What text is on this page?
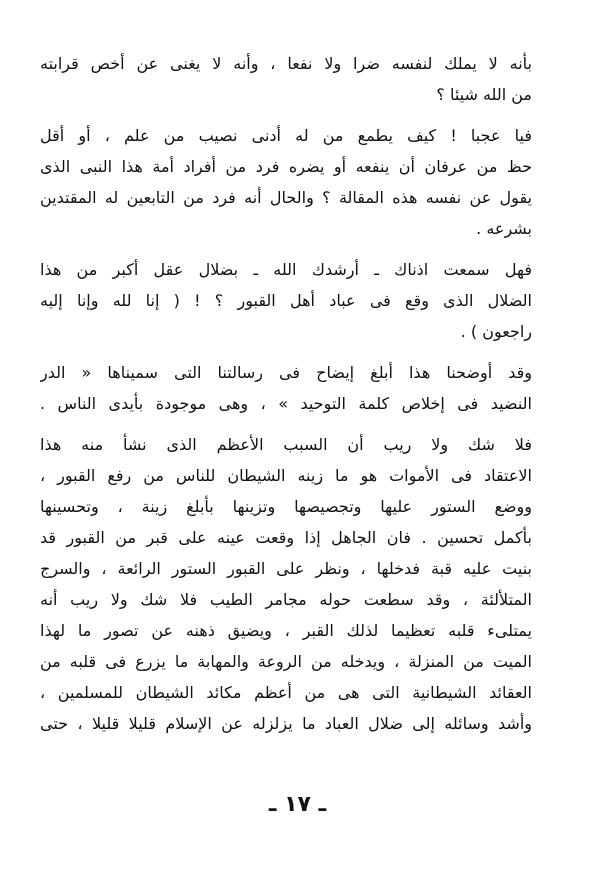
بأنه لا يملك لنفسه ضرا ولا نفعا ، وأنه لا يغنى عن أخص قرابته
من الله شيئا ؟
فيا عجبا ! كيف يطمع من له أدنى نصيب من علم ، أو أقل
حظ من عرفان أن ينفعه أو يضره فرد من أفراد أمة هذا النبى الذى
يقول عن نفسه هذه المقالة ؟ والحال أنه فرد من التابعين له المقتدين
بشرعه .
فهل سمعت اذناك ـ أرشدك الله ـ بضلال عقل أكبر من هذا
الضلال الذى وقع فى عباد أهل القبور ؟ ! ( إنا لله وإنا إليه
راجعون ) .
وقد أوضحنا هذا أبلغ إيضاح فى رسالتنا التى سميناها « الدر
النضيد فى إخلاص كلمة التوحيد » ، وهى موجودة بأيدى الناس .
فلا شك ولا ريب أن السبب الأعظم الذى نشأ منه هذا
الاعتقاد فى الأموات هو ما زينه الشيطان للناس من رفع القبور ،
ووضع الستور عليها وتجصيصها وتزينها بأبلغ زينة ، وتحسينها
بأكمل تحسين . فان الجاهل إذا وقعت عينه على قبر من القبور قد
بنيت عليه قبة فدخلها ، ونظر على القبور الستور الرائعة ، والسرج
المتلألئة ، وقد سطعت حوله مجامر الطيب فلا شك ولا ريب أنه
يمتلىء قلبه تعظيما لذلك القبر ، ويضيق ذهنه عن تصور ما لهذا
الميت من المنزلة ، ويدخله من الروعة والمهابة ما يزرع فى قلبه من
العقائد الشيطانية التى هى من أعظم مكائد الشيطان للمسلمين ،
وأشد وسائله إلى ضلال العباد ما يزلزله عن الإسلام قليلا قليلا ، حتى
ـ ١٧ ـ
